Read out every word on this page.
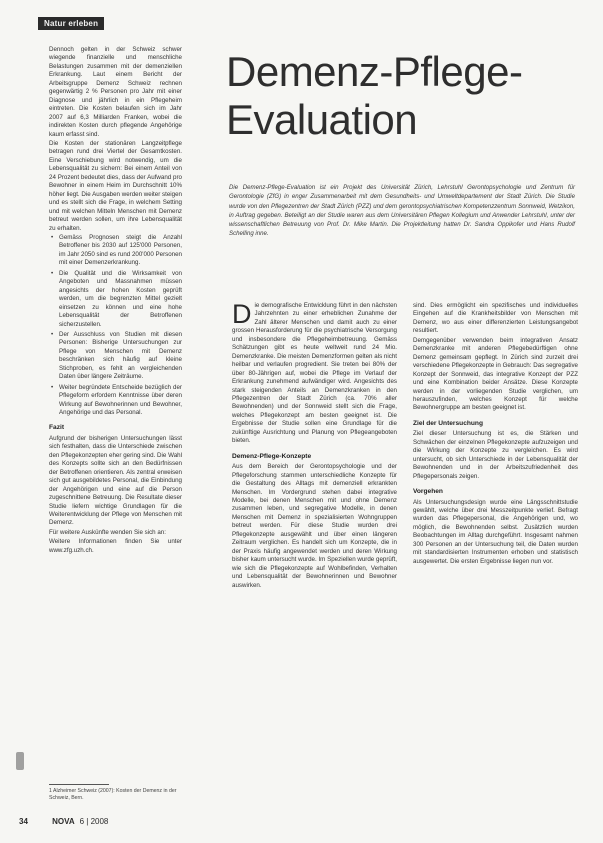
Natur erleben
Demenz-Pflege-
Evaluation

Die Demenz-Pflege-Evaluation ist ein Projekt des Universität Zürich, Lehrstuhl Gerontopsychologie und Zentrum für Gerontologie (ZfG) in enger Zusammenarbeit mit dem Gesundheits- und Umweltdepartement der Stadt Zürich. Die Studie wurde von den Pflegezentren der Stadt Zürich (PZZ) und dem gerontopsychiatrischen Kompetenzzentrum Sonnweid, Wetzikon, in Auftrag gegeben. Beteiligt an der Studie waren aus dem Universitären Pflegen Kollegium und Anwender Lehrstuhl, unter der wissenschaftlichen Betreuung von Prof. Dr. Mike Martin. Die Projektleitung hatten Dr. Sandra Oppikofer und Hans Rudolf Schelling inne.

Dennoch gelten in der Schweiz schwer wiegende finanzielle und menschliche Belastungen zusammen mit der demenziellen Erkrankung. Laut einem Bericht der Arbeitsgruppe Demenz Schweiz rechnen gegenwärtig 2 % Personen pro Jahr mit einer Diagnose und jährlich in ein Pflegeheim eintreten. Die Kosten belaufen sich im Jahr 2007 auf 6,3 Milliarden Franken, wobei die indirekten Kosten durch pflegende Angehörige kaum erfasst sind.

Die Kosten der stationären Langzeitpflege betragen rund drei Viertel der Gesamtkosten. Eine Verschiebung wird notwendig, um die Lebensqualität zu sichern: Bei einem Anteil von 24 Prozent bedeutet dies, dass der Aufwand pro Bewohner in einem Heim im Durchschnitt 10% höher liegt. Die Ausgaben werden weiter steigen und es stellt sich die Frage, in welchem Setting und mit welchen Mitteln Menschen mit Demenz betreut werden sollen, um ihre Lebensqualität zu erhalten.

• Gemäss Prognosen steigt die Anzahl Betroffener bis 2030 auf 125'000 Personen, im Jahr 2050 sind es rund 200'000 Personen mit einer Demenzerkrankung.
• Die Qualität und die Wirksamkeit von Angeboten und Massnahmen müssen angesichts der hohen Kosten geprüft werden, um die begrenzten Mittel gezielt einsetzen zu können und eine hohe Lebensqualität der Betroffenen sicherzustellen.
• Der Ausschluss von Studien mit diesen Personen: Bisherige Untersuchungen zur Pflege von Menschen mit Demenz beschränken sich häufig auf kleine Stichproben, es fehlt an vergleichenden Daten über längere Zeiträume.
• Weiter begründete Entscheide bezüglich der Pflegeform erfordern Kenntnisse über deren Wirkung auf Bewohnerinnen und Bewohner, Angehörige und das Personal.
Fazit

Aufgrund der bisherigen Untersuchungen lässt sich festhalten, dass die Unterschiede zwischen den Pflegekonzepten eher gering sind. Die Wahl des Konzepts sollte sich an den Bedürfnissen der Betroffenen orientieren. Als zentral erweisen sich gut ausgebildetes Personal, die Einbindung der Angehörigen und eine auf die Person zugeschnittene Betreuung. Die Resultate dieser Studie liefern wichtige Grundlagen für die Weiterentwicklung der Pflege von Menschen mit Demenz.

Für weitere Auskünfte wenden Sie sich an:

Weitere Informationen finden Sie unter www.zfg.uzh.ch.

1 Alzheimer Schweiz (2007): Kosten der Demenz in der Schweiz, Bern.

Die demografische Entwicklung führt in den nächsten Jahrzehnten zu einer erheblichen Zunahme der Zahl älterer Menschen und damit auch zu einer grossen Herausforderung für die psychiatrische Versorgung und insbesondere die Pflegeheimbetreuung. Gemäss Schätzungen gibt es heute weltweit rund 24 Mio. Demenzkranke. Die meisten Demenzformen gelten als nicht heilbar und verlaufen progredient. Sie treten bei 80% der über 80-Jährigen auf, wobei die Pflege im Verlauf der Erkrankung zunehmend aufwändiger wird. Angesichts des stark steigenden Anteils an Demenzkranken in den Pflegezentren der Stadt Zürich (ca. 70% aller Bewohnenden) und der Sonnweid stellt sich die Frage, welches Pflegekonzept am besten geeignet ist. Die Ergebnisse der Studie sollen eine Grundlage für die zukünftige Ausrichtung und Planung von Pflegeangeboten bieten.

Demenz-Pflege-Konzepte

Aus dem Bereich der Gerontopsychologie und der Pflegeforschung stammen unterschiedliche Konzepte für die Gestaltung des Alltags mit demenziell erkrankten Menschen. Im Vordergrund stehen dabei integrative Modelle, bei denen Menschen mit und ohne Demenz zusammen leben, und segregative Modelle, in denen Menschen mit Demenz in spezialisierten Wohngruppen betreut werden. Für diese Studie wurden drei Pflegekonzepte ausgewählt und über einen längeren Zeitraum verglichen. Es handelt sich um Konzepte, die in der Praxis häufig angewendet werden und deren Wirkung bisher kaum untersucht wurde. Im Speziellen wurde geprüft, wie sich die Pflegekonzepte auf Wohlbefinden, Verhalten und Lebensqualität der Bewohnerinnen und Bewohner auswirken.

sind. Dies ermöglicht ein spezifisches und individuelles Eingehen auf die Krankheitsbilder von Menschen mit Demenz, wo aus einer differenzierten Leistungsangebot resultiert.

Demgegenüber verwenden beim integrativen Ansatz Demenzkranke mit anderen Pflegebedürftigen ohne Demenz gemeinsam gepflegt. In Zürich sind zurzeit drei verschiedene Pflegekonzepte in Gebrauch: Das segregative Konzept der Sonnweid, das integrative Konzept der PZZ und eine Kombination beider Ansätze. Diese Konzepte werden in der vorliegenden Studie verglichen, um herauszufinden, welches Konzept für welche Bewohnergruppe am besten geeignet ist.

Ziel der Untersuchung

Ziel dieser Untersuchung ist es, die Stärken und Schwächen der einzelnen Pflegekonzepte aufzuzeigen und die Wirkung der Konzepte zu vergleichen. Es wird untersucht, ob sich Unterschiede in der Lebensqualität der Bewohnenden und in der Arbeitszufriedenheit des Pflegepersonals zeigen.

Vorgehen

Als Untersuchungsdesign wurde eine Längsschnittstudie gewählt, welche über drei Messzeitpunkte verlief. Befragt wurden das Pflegepersonal, die Angehörigen und, wo möglich, die Bewohnenden selbst. Zusätzlich wurden Beobachtungen im Alltag durchgeführt. Insgesamt nahmen 300 Personen an der Untersuchung teil, die Daten wurden mit standardisierten Instrumenten erhoben und statistisch ausgewertet. Die ersten Ergebnisse liegen nun vor.

34	NOVA 6 | 2008
